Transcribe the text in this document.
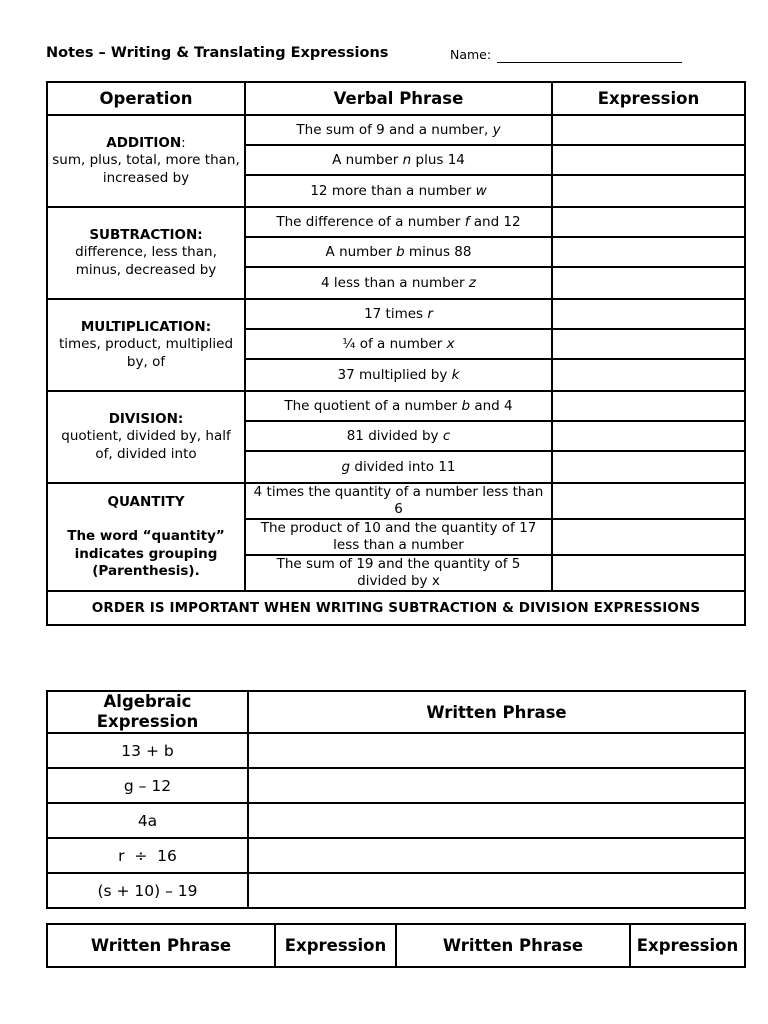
Notes – Writing & Translating Expressions	Name:
Operation	Verbal Phrase	Expression
ADDITION:
sum, plus, total, more than, increased by	The sum of 9 and a number, y	
	A number n plus 14	
	12 more than a number w	
SUBTRACTION:
difference, less than, minus, decreased by	The difference of a number f and 12	
	A number b minus 88	
	4 less than a number z	
MULTIPLICATION:
times, product, multiplied by, of	17 times r	
	¼ of a number x	
	37 multiplied by k	
DIVISION:
quotient, divided by, half of, divided into	The quotient of a number b and 4	
	81 divided by c	
	g divided into 11	

QUANTITY
The word “quantity” indicates grouping (Parenthesis).	4 times the quantity of a number less than 6	
	The product of 10 and the quantity of 17 less than a number	
	The sum of 19 and the quantity of 5 divided by x	
ORDER IS IMPORTANT WHEN WRITING SUBTRACTION & DIVISION EXPRESSIONS		
Algebraic Expression	Written Phrase
13 + b	
g – 12	
4a	
r  ÷  16	
(s + 10) – 19	
Written Phrase	Expression	Written Phrase	Expression
